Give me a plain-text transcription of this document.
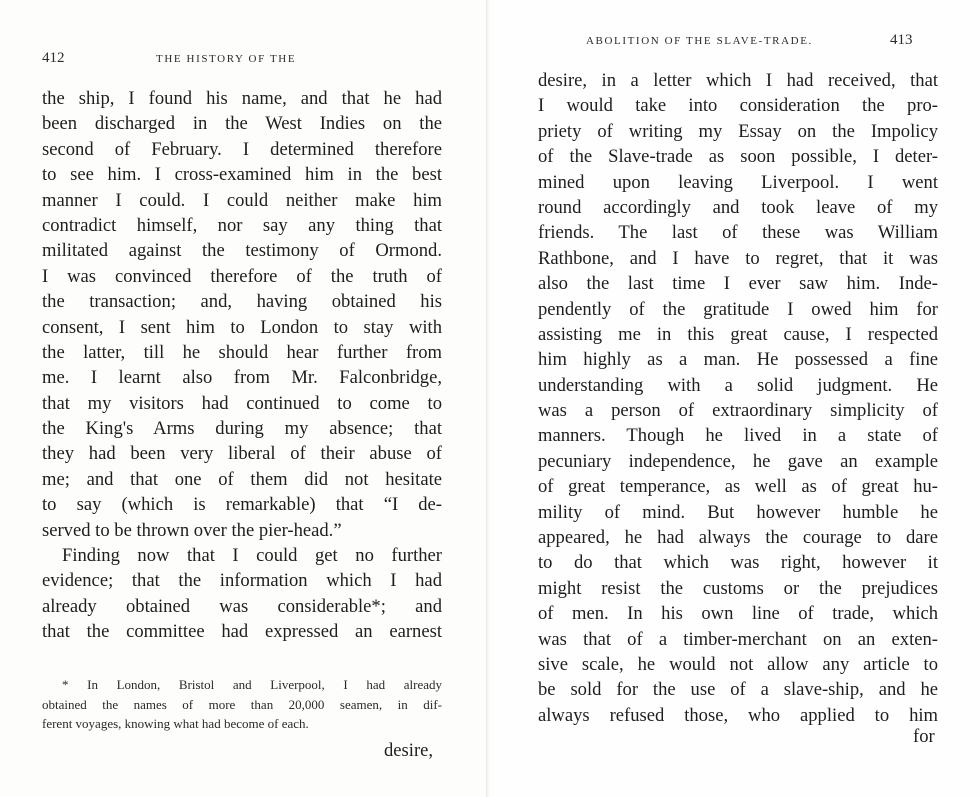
412	THE HISTORY OF THE
the ship, I found his name, and that he had
been discharged in the West Indies on the
second of February. I determined therefore
to see him. I cross-examined him in the best
manner I could. I could neither make him
contradict himself, nor say any thing that
militated against the testimony of Ormond.
I was convinced therefore of the truth of
the transaction; and, having obtained his
consent, I sent him to London to stay with
the latter, till he should hear further from
me. I learnt also from Mr. Falconbridge,
that my visitors had continued to come to
the King's Arms during my absence; that
they had been very liberal of their abuse of
me; and that one of them did not hesitate
to say (which is remarkable) that “I de-
served to be thrown over the pier-head.”
Finding now that I could get no further
evidence; that the information which I had
already obtained was considerable*; and
that the committee had expressed an earnest
* In London, Bristol and Liverpool, I had already
obtained the names of more than 20,000 seamen, in dif-
ferent voyages, knowing what had become of each.
desire,
ABOLITION OF THE SLAVE-TRADE.	413
desire, in a letter which I had received, that
I would take into consideration the pro-
priety of writing my Essay on the Impolicy
of the Slave-trade as soon possible, I deter-
mined upon leaving Liverpool. I went
round accordingly and took leave of my
friends. The last of these was William
Rathbone, and I have to regret, that it was
also the last time I ever saw him. Inde-
pendently of the gratitude I owed him for
assisting me in this great cause, I respected
him highly as a man. He possessed a fine
understanding with a solid judgment. He
was a person of extraordinary simplicity of
manners. Though he lived in a state of
pecuniary independence, he gave an example
of great temperance, as well as of great hu-
mility of mind. But however humble he
appeared, he had always the courage to dare
to do that which was right, however it
might resist the customs or the prejudices
of men. In his own line of trade, which
was that of a timber-merchant on an exten-
sive scale, he would not allow any article to
be sold for the use of a slave-ship, and he
always refused those, who applied to him
for
